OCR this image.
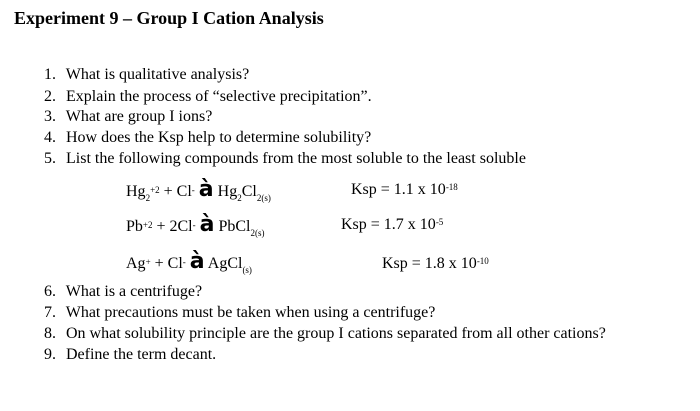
Experiment 9 – Group I Cation Analysis
1. What is qualitative analysis?
2. Explain the process of “selective precipitation”.
3. What are group I ions?
4. How does the Ksp help to determine solubility?
5. List the following compounds from the most soluble to the least soluble
$Hg_2^{+2} + Cl^-$ à $Hg_2Cl_{2(s)}$	Ksp = 1.1 x $10^{-18}$
$Pb^{+2} + 2Cl^-$ à PbCl$_{2(s)}$	Ksp = 1.7 x $10^{-5}$
Ag+ + Cl- à AgCl$_{(s)}$	Ksp = 1.8 x $10^{-10}$
6. What is a centrifuge?
7. What precautions must be taken when using a centrifuge?
8. On what solubility principle are the group I cations separated from all other cations?
9. Define the term decant.
